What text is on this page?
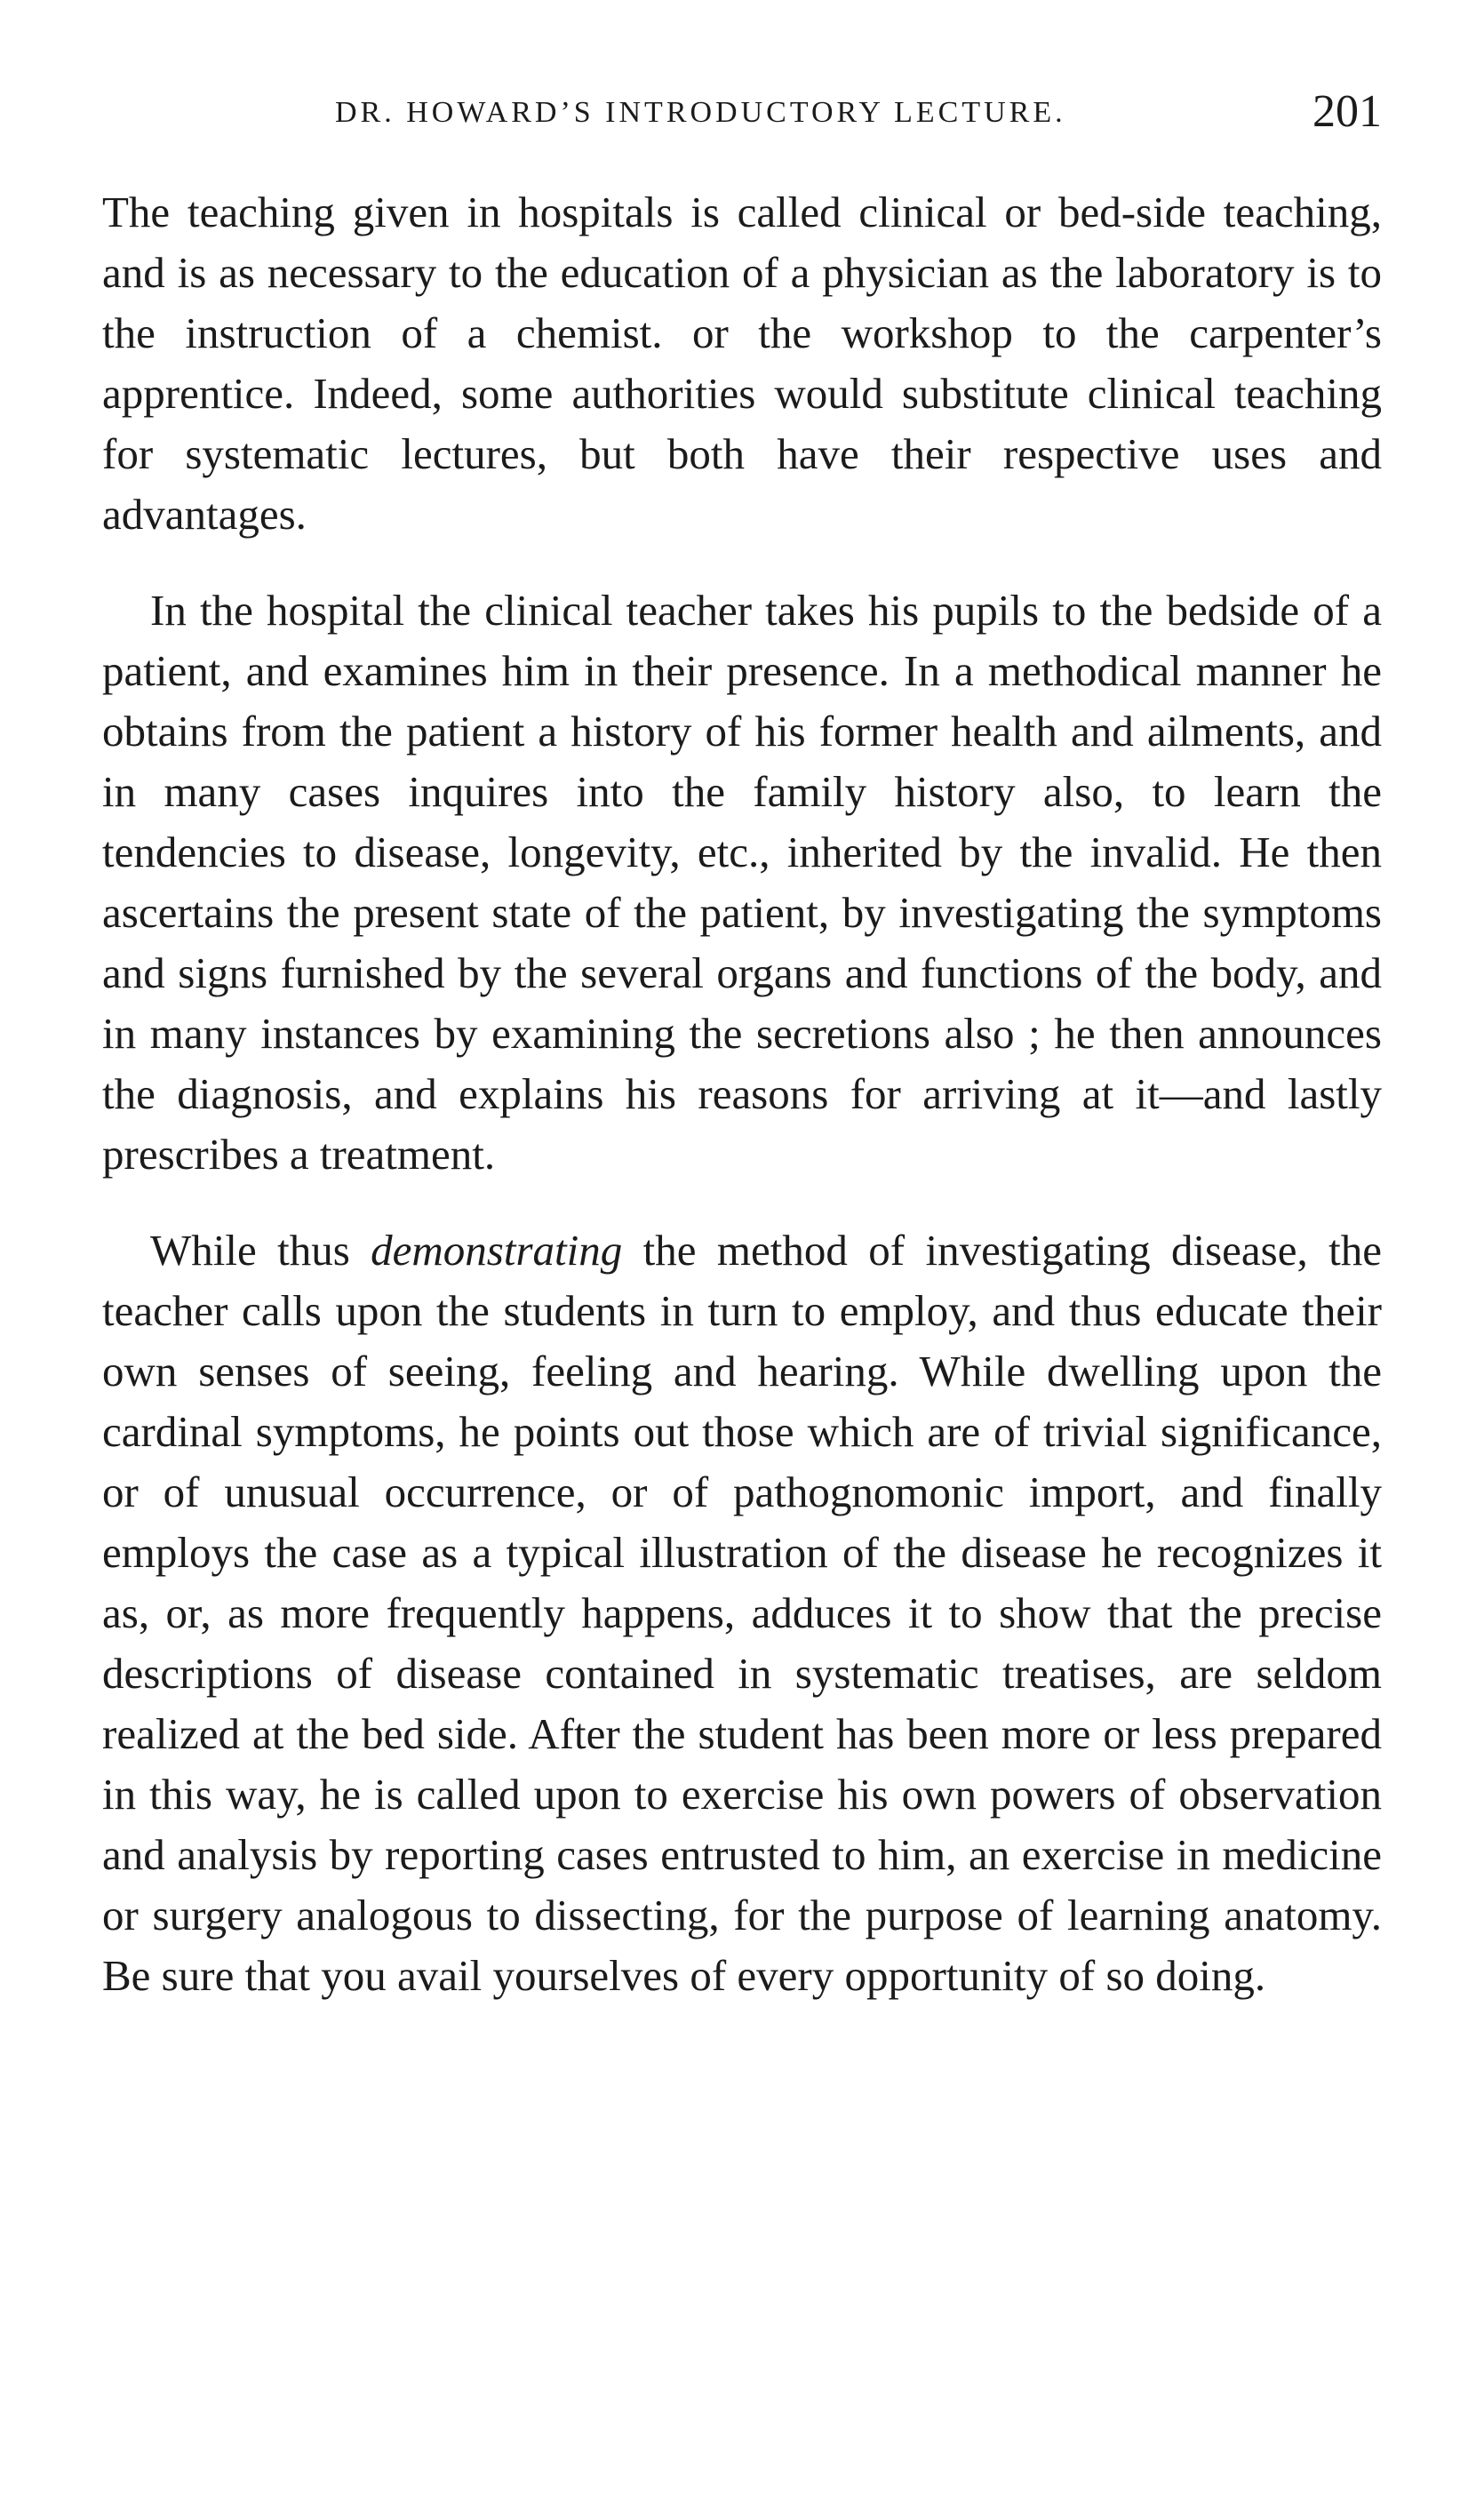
DR. HOWARD’S INTRODUCTORY LECTURE.	201

The teaching given in hospitals is called clinical or bed-side teaching, and is as necessary to the education of a physician as the laboratory is to the instruction of a chemist. or the workshop to the carpenter’s apprentice. Indeed, some authorities would substitute clinical teaching for systematic lectures, but both have their respective uses and advantages.

In the hospital the clinical teacher takes his pupils to the bedside of a patient, and examines him in their presence. In a methodical manner he obtains from the patient a history of his former health and ailments, and in many cases inquires into the family history also, to learn the tendencies to disease, longevity, etc., inherited by the invalid. He then ascertains the present state of the patient, by investigating the symptoms and signs furnished by the several organs and functions of the body, and in many instances by examining the secretions also ; he then announces the diagnosis, and explains his reasons for arriving at it—and lastly prescribes a treatment.

While thus demonstrating the method of investigating disease, the teacher calls upon the students in turn to employ, and thus educate their own senses of seeing, feeling and hearing. While dwelling upon the cardinal symptoms, he points out those which are of trivial significance, or of unusual occurrence, or of pathognomonic import, and finally employs the case as a typical illustration of the disease he recognizes it as, or, as more frequently happens, adduces it to show that the precise descriptions of disease contained in systematic treatises, are seldom realized at the bed side. After the student has been more or less prepared in this way, he is called upon to exercise his own powers of observation and analysis by reporting cases entrusted to him, an exercise in medicine or surgery analogous to dissecting, for the purpose of learning anatomy. Be sure that you avail yourselves of every opportunity of so doing.
